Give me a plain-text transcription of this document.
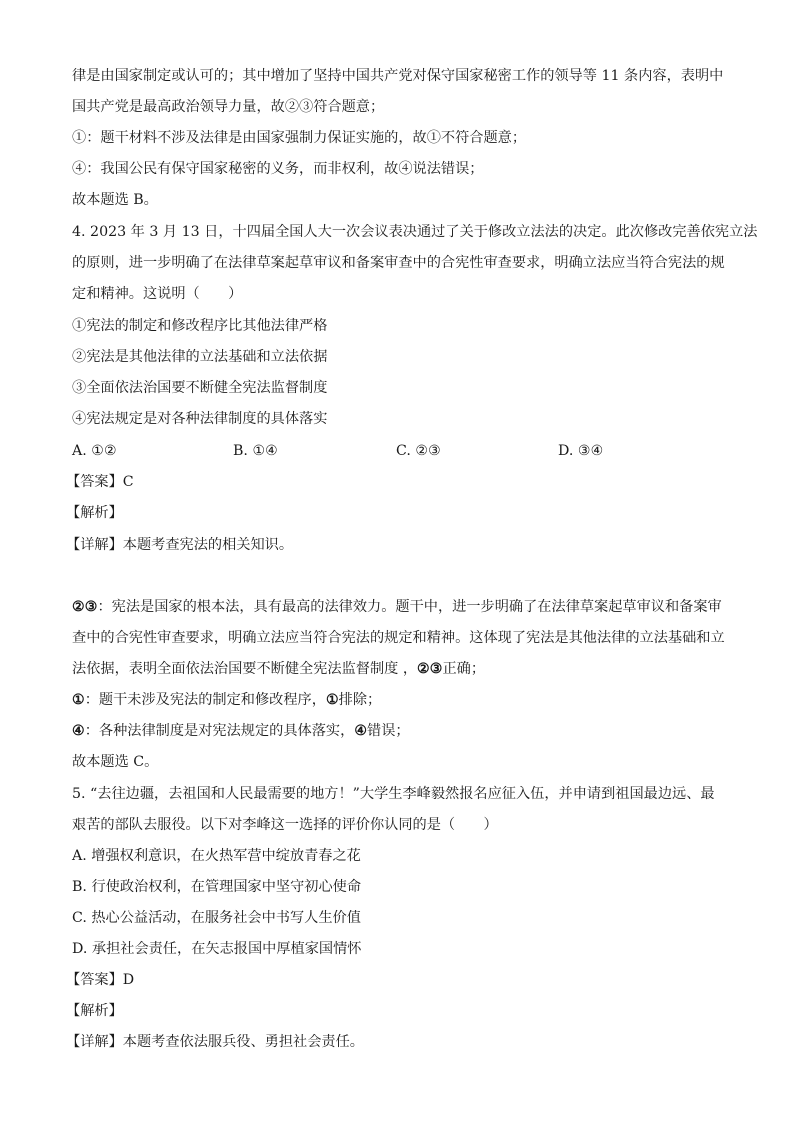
律是由国家制定或认可的；其中增加了坚持中国共产党对保守国家秘密工作的领导等 11 条内容，表明中
国共产党是最高政治领导力量，故②③符合题意；
①：题干材料不涉及法律是由国家强制力保证实施的，故①不符合题意；
④：我国公民有保守国家秘密的义务，而非权利，故④说法错误；
故本题选 B。
4. 2023 年 3 月 13 日，十四届全国人大一次会议表决通过了关于修改立法法的决定。此次修改完善依宪立法
的原则，进一步明确了在法律草案起草审议和备案审查中的合宪性审查要求，明确立法应当符合宪法的规
定和精神。这说明（　　）
①宪法的制定和修改程序比其他法律严格
②宪法是其他法律的立法基础和立法依据
③全面依法治国要不断健全宪法监督制度
④宪法规定是对各种法律制度的具体落实
A. ①②	B. ①④	C. ②③	D. ③④
【答案】C
【解析】
【详解】本题考查宪法的相关知识。
②③：宪法是国家的根本法，具有最高的法律效力。题干中，进一步明确了在法律草案起草审议和备案审
查中的合宪性审查要求，明确立法应当符合宪法的规定和精神。这体现了宪法是其他法律的立法基础和立
法依据，表明全面依法治国要不断健全宪法监督制度 ，②③正确；
①：题干未涉及宪法的制定和修改程序，①排除；
④：各种法律制度是对宪法规定的具体落实，④错误；
故本题选 C。
5. “去往边疆，去祖国和人民最需要的地方！”大学生李峰毅然报名应征入伍，并申请到祖国最边远、最
艰苦的部队去服役。以下对李峰这一选择的评价你认同的是（　　）
A. 增强权利意识，在火热军营中绽放青春之花
B. 行使政治权利，在管理国家中坚守初心使命
C. 热心公益活动，在服务社会中书写人生价值
D. 承担社会责任，在矢志报国中厚植家国情怀
【答案】D
【解析】
【详解】本题考查依法服兵役、勇担社会责任。
